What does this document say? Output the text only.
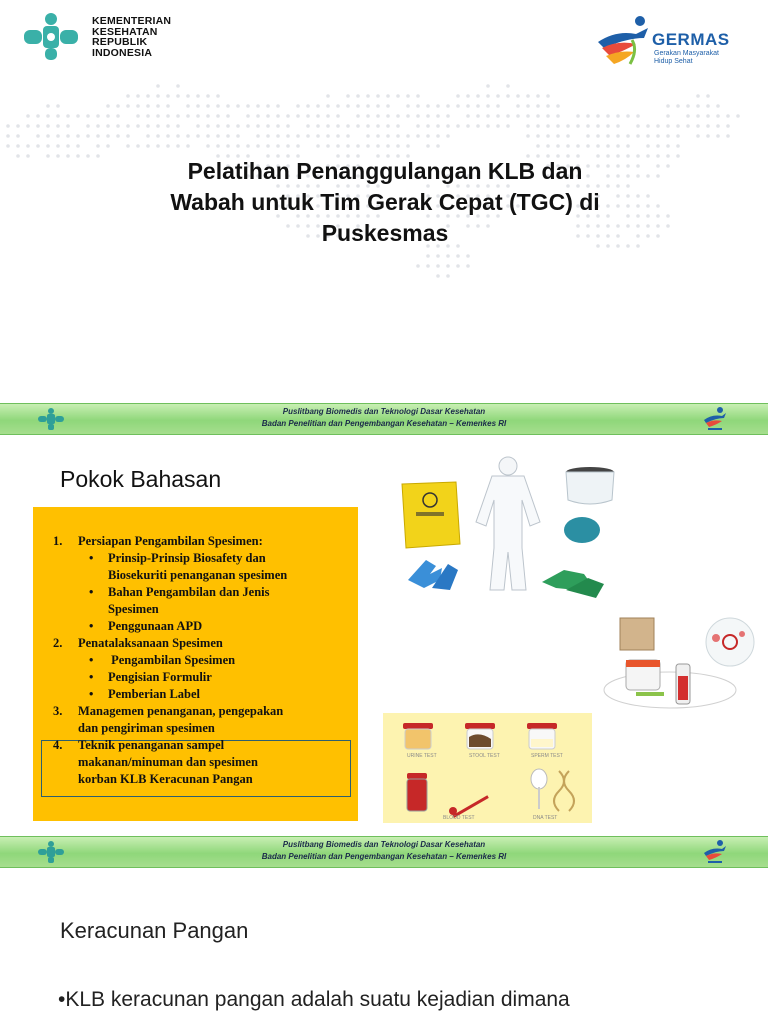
KEMENTERIAN
KESEHATAN
REPUBLIK
INDONESIA
GERMAS
Gerakan Masyarakat
Hidup Sehat
Pelatihan Penanggulangan KLB dan
Wabah untuk Tim Gerak Cepat (TGC) di
Puskesmas
Puslitbang Biomedis dan Teknologi Dasar Kesehatan
Badan Penelitian dan Pengembangan Kesehatan – Kemenkes RI
Pokok Bahasan
1. Persiapan Pengambilan Spesimen:
• Prinsip-Prinsip Biosafety dan
Biosekuriti penanganan spesimen
• Bahan Pengambilan dan Jenis
Spesimen
• Penggunaan APD
2. Penatalaksanaan Spesimen
• Pengambilan Spesimen
• Pengisian Formulir
• Pemberian Label
3. Managemen penanganan, pengepakan
dan pengiriman spesimen
4. Teknik penanganan sampel
makanan/minuman dan spesimen
korban KLB Keracunan Pangan
URINE TEST	STOOL TEST	SPERM TEST
BLOOD TEST	DNA TEST
Puslitbang Biomedis dan Teknologi Dasar Kesehatan
Badan Penelitian dan Pengembangan Kesehatan – Kemenkes RI
Keracunan Pangan
•KLB keracunan pangan adalah suatu kejadian dimana
